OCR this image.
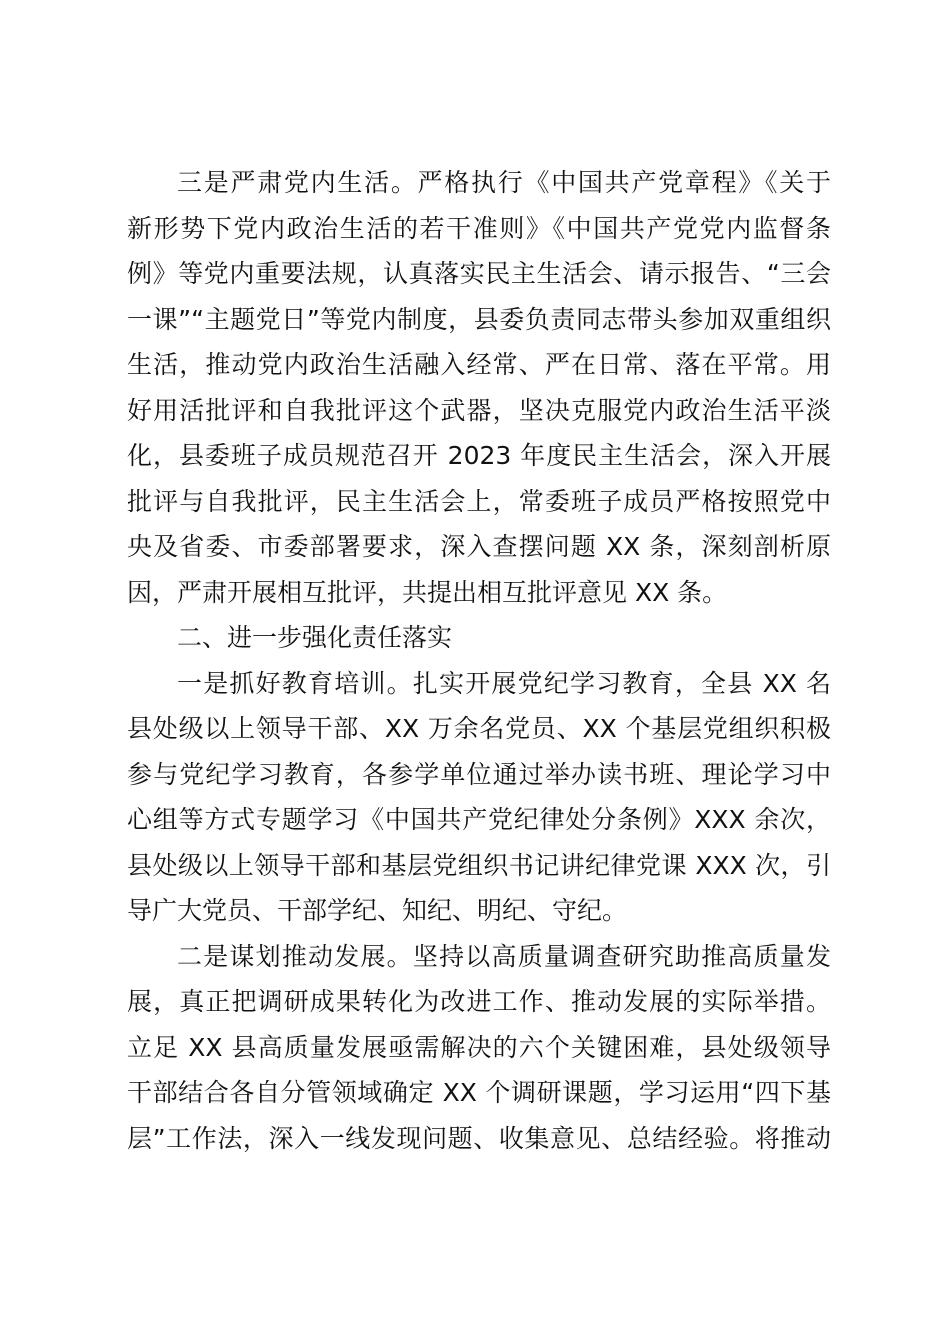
三是严肃党内生活。严格执行《中国共产党章程》《关于
新形势下党内政治生活的若干准则》《中国共产党党内监督条
例》等党内重要法规，认真落实民主生活会、请示报告、“三会
一课”“主题党日”等党内制度，县委负责同志带头参加双重组织
生活，推动党内政治生活融入经常、严在日常、落在平常。用
好用活批评和自我批评这个武器，坚决克服党内政治生活平淡
化，县委班子成员规范召开 2023 年度民主生活会，深入开展
批评与自我批评，民主生活会上，常委班子成员严格按照党中
央及省委、市委部署要求，深入查摆问题 XX 条，深刻剖析原
因，严肃开展相互批评，共提出相互批评意见 XX 条。
二、进一步强化责任落实
一是抓好教育培训。扎实开展党纪学习教育，全县 XX 名
县处级以上领导干部、XX 万余名党员、XX 个基层党组织积极
参与党纪学习教育，各参学单位通过举办读书班、理论学习中
心组等方式专题学习《中国共产党纪律处分条例》XXX 余次，
县处级以上领导干部和基层党组织书记讲纪律党课 XXX 次，引
导广大党员、干部学纪、知纪、明纪、守纪。
二是谋划推动发展。坚持以高质量调查研究助推高质量发
展，真正把调研成果转化为改进工作、推动发展的实际举措。
立足 XX 县高质量发展亟需解决的六个关键困难，县处级领导
干部结合各自分管领域确定 XX 个调研课题，学习运用“四下基
层”工作法，深入一线发现问题、收集意见、总结经验。将推动
